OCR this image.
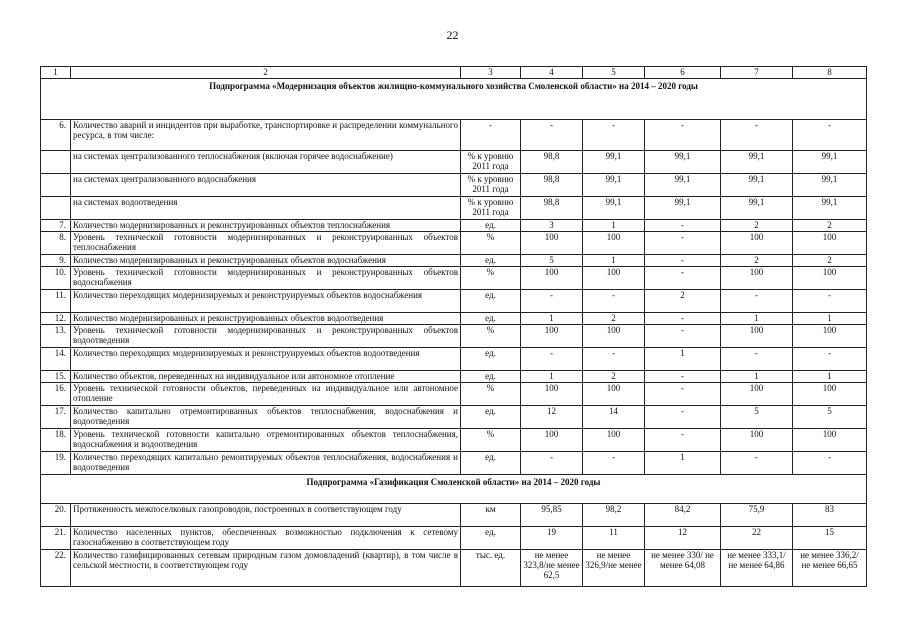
22
1	2	3	4	5	6	7	8
Подпрограмма «Модернизация объектов жилищно-коммунального хозяйства Смоленской области» на 2014 – 2020 годы							
6.	Количество аварий и инцидентов при выработке, транспортировке и распределении коммунального ресурса, в том числе:	-	-	-	-	-	-
	на системах централизованного теплоснабжения (включая горячее водоснабжение)	% к уровню 2011 года	98,8	99,1	99,1	99,1	99,1
	на системах централизованного водоснабжения	% к уровню 2011 года	98,8	99,1	99,1	99,1	99,1
	на системах водоотведения	% к уровню 2011 года	98,8	99,1	99,1	99,1	99,1
7.	Количество модернизированных и реконструированных объектов теплоснабжения	ед.	3	1	-	2	2
8.	Уровень технической готовности модернизированных и реконструированных объектов теплоснабжения	%	100	100	-	100	100
9.	Количество модернизированных и реконструированных объектов водоснабжения	ед.	5	1	-	2	2
10.	Уровень технической готовности модернизированных и реконструированных объектов водоснабжения	%	100	100	-	100	100
11.	Количество переходящих модернизируемых и реконструируемых объектов водоснабжения	ед.	-	-	2	-	-
12.	Количество модернизированных и реконструированных объектов водоотведения	ед.	1	2	-	1	1
13.	Уровень технической готовности модернизированных и реконструированных объектов водоотведения	%	100	100	-	100	100
14.	Количество переходящих модернизируемых и реконструируемых объектов водоотведения	ед.	-	-	1	-	-
15.	Количество объектов, переведенных на индивидуальное или автономное отопление	ед.	1	2	-	1	1
16.	Уровень технической готовности объектов, переведенных на индивидуальное или автономное отопление	%	100	100	-	100	100
17.	Количество капитально отремонтированных объектов теплоснабжения, водоснабжения и водоотведения	ед.	12	14	-	5	5
18.	Уровень технической готовности капитально отремонтированных объектов теплоснабжения, водоснабжения и водоотведения	%	100	100	-	100	100
19.	Количество переходящих капитально ремонтируемых объектов теплоснабжения, водоснабжения и водоотведения	ед.	-	-	1	-	-
Подпрограмма «Газификация Смоленской области» на 2014 – 2020 годы							
20.	Протяженность межпоселковых газопроводов, построенных в соответствующем году	км	95,85	98,2	84,2	75,9	83
21.	Количество населенных пунктов, обеспеченных возможностью подключения к сетевому газоснабжению в соответствующем году	ед.	19	11	12	22	15
22.	Количество газифицированных сетевым природным газом домовладений (квартир), в том числе в сельской местности, в соответствующем году	тыс. ед.	не менее 323,8/не менее 62,5	не менее 326,9/не менее	не менее 330/ не менее 64,08	не менее 333,1/ не менее 64,86	не менее 336,2/ не менее 66,65
